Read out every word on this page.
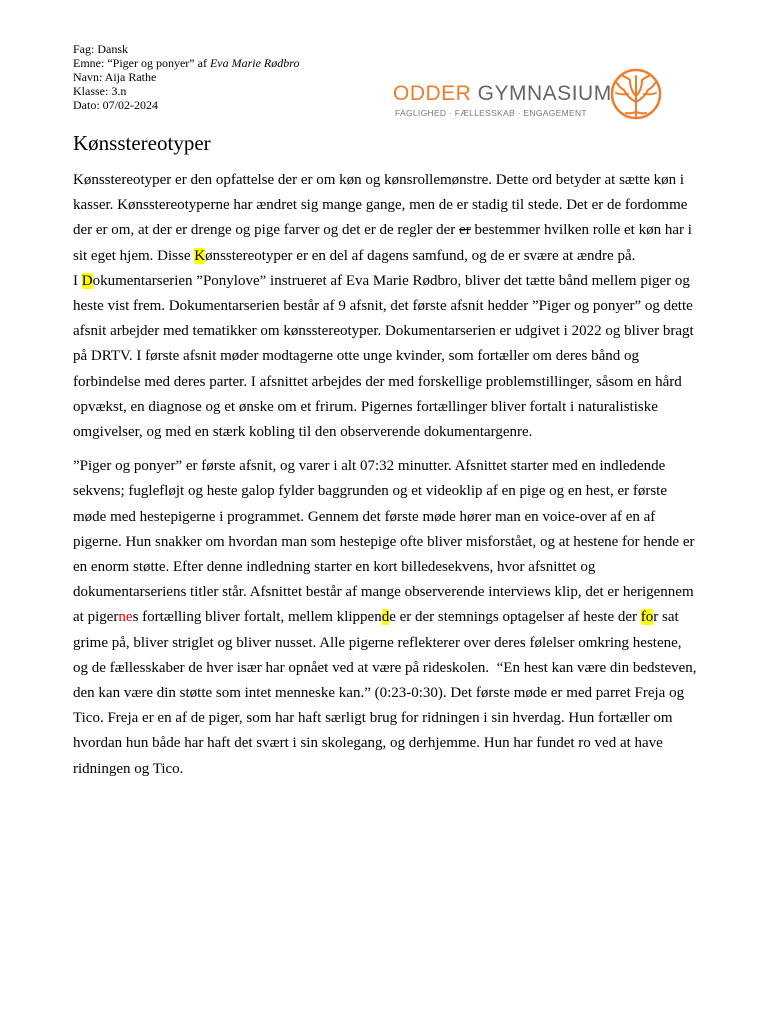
Fag: Dansk
Emne: “Piger og ponyer” af Eva Marie Rødbro
Navn: Aija Rathe
Klasse: 3.n
Dato: 07/02-2024	ODDER GYMNASIUM
FAGLIGHED · FÆLLESSKAB · ENGAGEMENT
Kønsstereotyper

Kønsstereotyper er den opfattelse der er om køn og kønsrollemønstre. Dette ord betyder at sætte køn i kasser. Kønsstereotyperne har ændret sig mange gange, men de er stadig til stede. Det er de fordomme der er om, at der er drenge og pige farver og det er de regler der er bestemmer hvilken rolle et køn har i sit eget hjem. Disse Kønsstereotyper er en del af dagens samfund, og de er svære at ændre på.

I Dokumentarserien ”Ponylove” instrueret af Eva Marie Rødbro, bliver det tætte bånd mellem piger og heste vist frem. Dokumentarserien består af 9 afsnit, det første afsnit hedder ”Piger og ponyer” og dette afsnit arbejder med tematikker om kønsstereotyper. Dokumentarserien er udgivet i 2022 og bliver bragt på DRTV. I første afsnit møder modtagerne otte unge kvinder, som fortæller om deres bånd og forbindelse med deres parter. I afsnittet arbejdes der med forskellige problemstillinger, såsom en hård opvækst, en diagnose og et ønske om et frirum. Pigernes fortællinger bliver fortalt i naturalistiske omgivelser, og med en stærk kobling til den observerende dokumentargenre.

”Piger og ponyer” er første afsnit, og varer i alt 07:32 minutter. Afsnittet starter med en indledende sekvens; fuglefløjt og heste galop fylder baggrunden og et videoklip af en pige og en hest, er første møde med hestepigerne i programmet. Gennem det første møde hører man en voice-over af en af pigerne. Hun snakker om hvordan man som hestepige ofte bliver misforstået, og at hestene for hende er en enorm støtte. Efter denne indledning starter en kort billedesekvens, hvor afsnittet og dokumentarseriens titler står. Afsnittet består af mange observerende interviews klip, det er herigennem at pigernes fortælling bliver fortalt, mellem klippende er der stemnings optagelser af heste der for sat grime på, bliver striglet og bliver nusset. Alle pigerne reflekterer over deres følelser omkring hestene, og de fællesskaber de hver især har opnået ved at være på rideskolen.  “En hest kan være din bedsteven, den kan være din støtte som intet menneske kan.” (0:23-0:30). Det første møde er med parret Freja og Tico. Freja er en af de piger, som har haft særligt brug for ridningen i sin hverdag. Hun fortæller om hvordan hun både har haft det svært i sin skolegang, og derhjemme. Hun har fundet ro ved at have ridningen og Tico.
